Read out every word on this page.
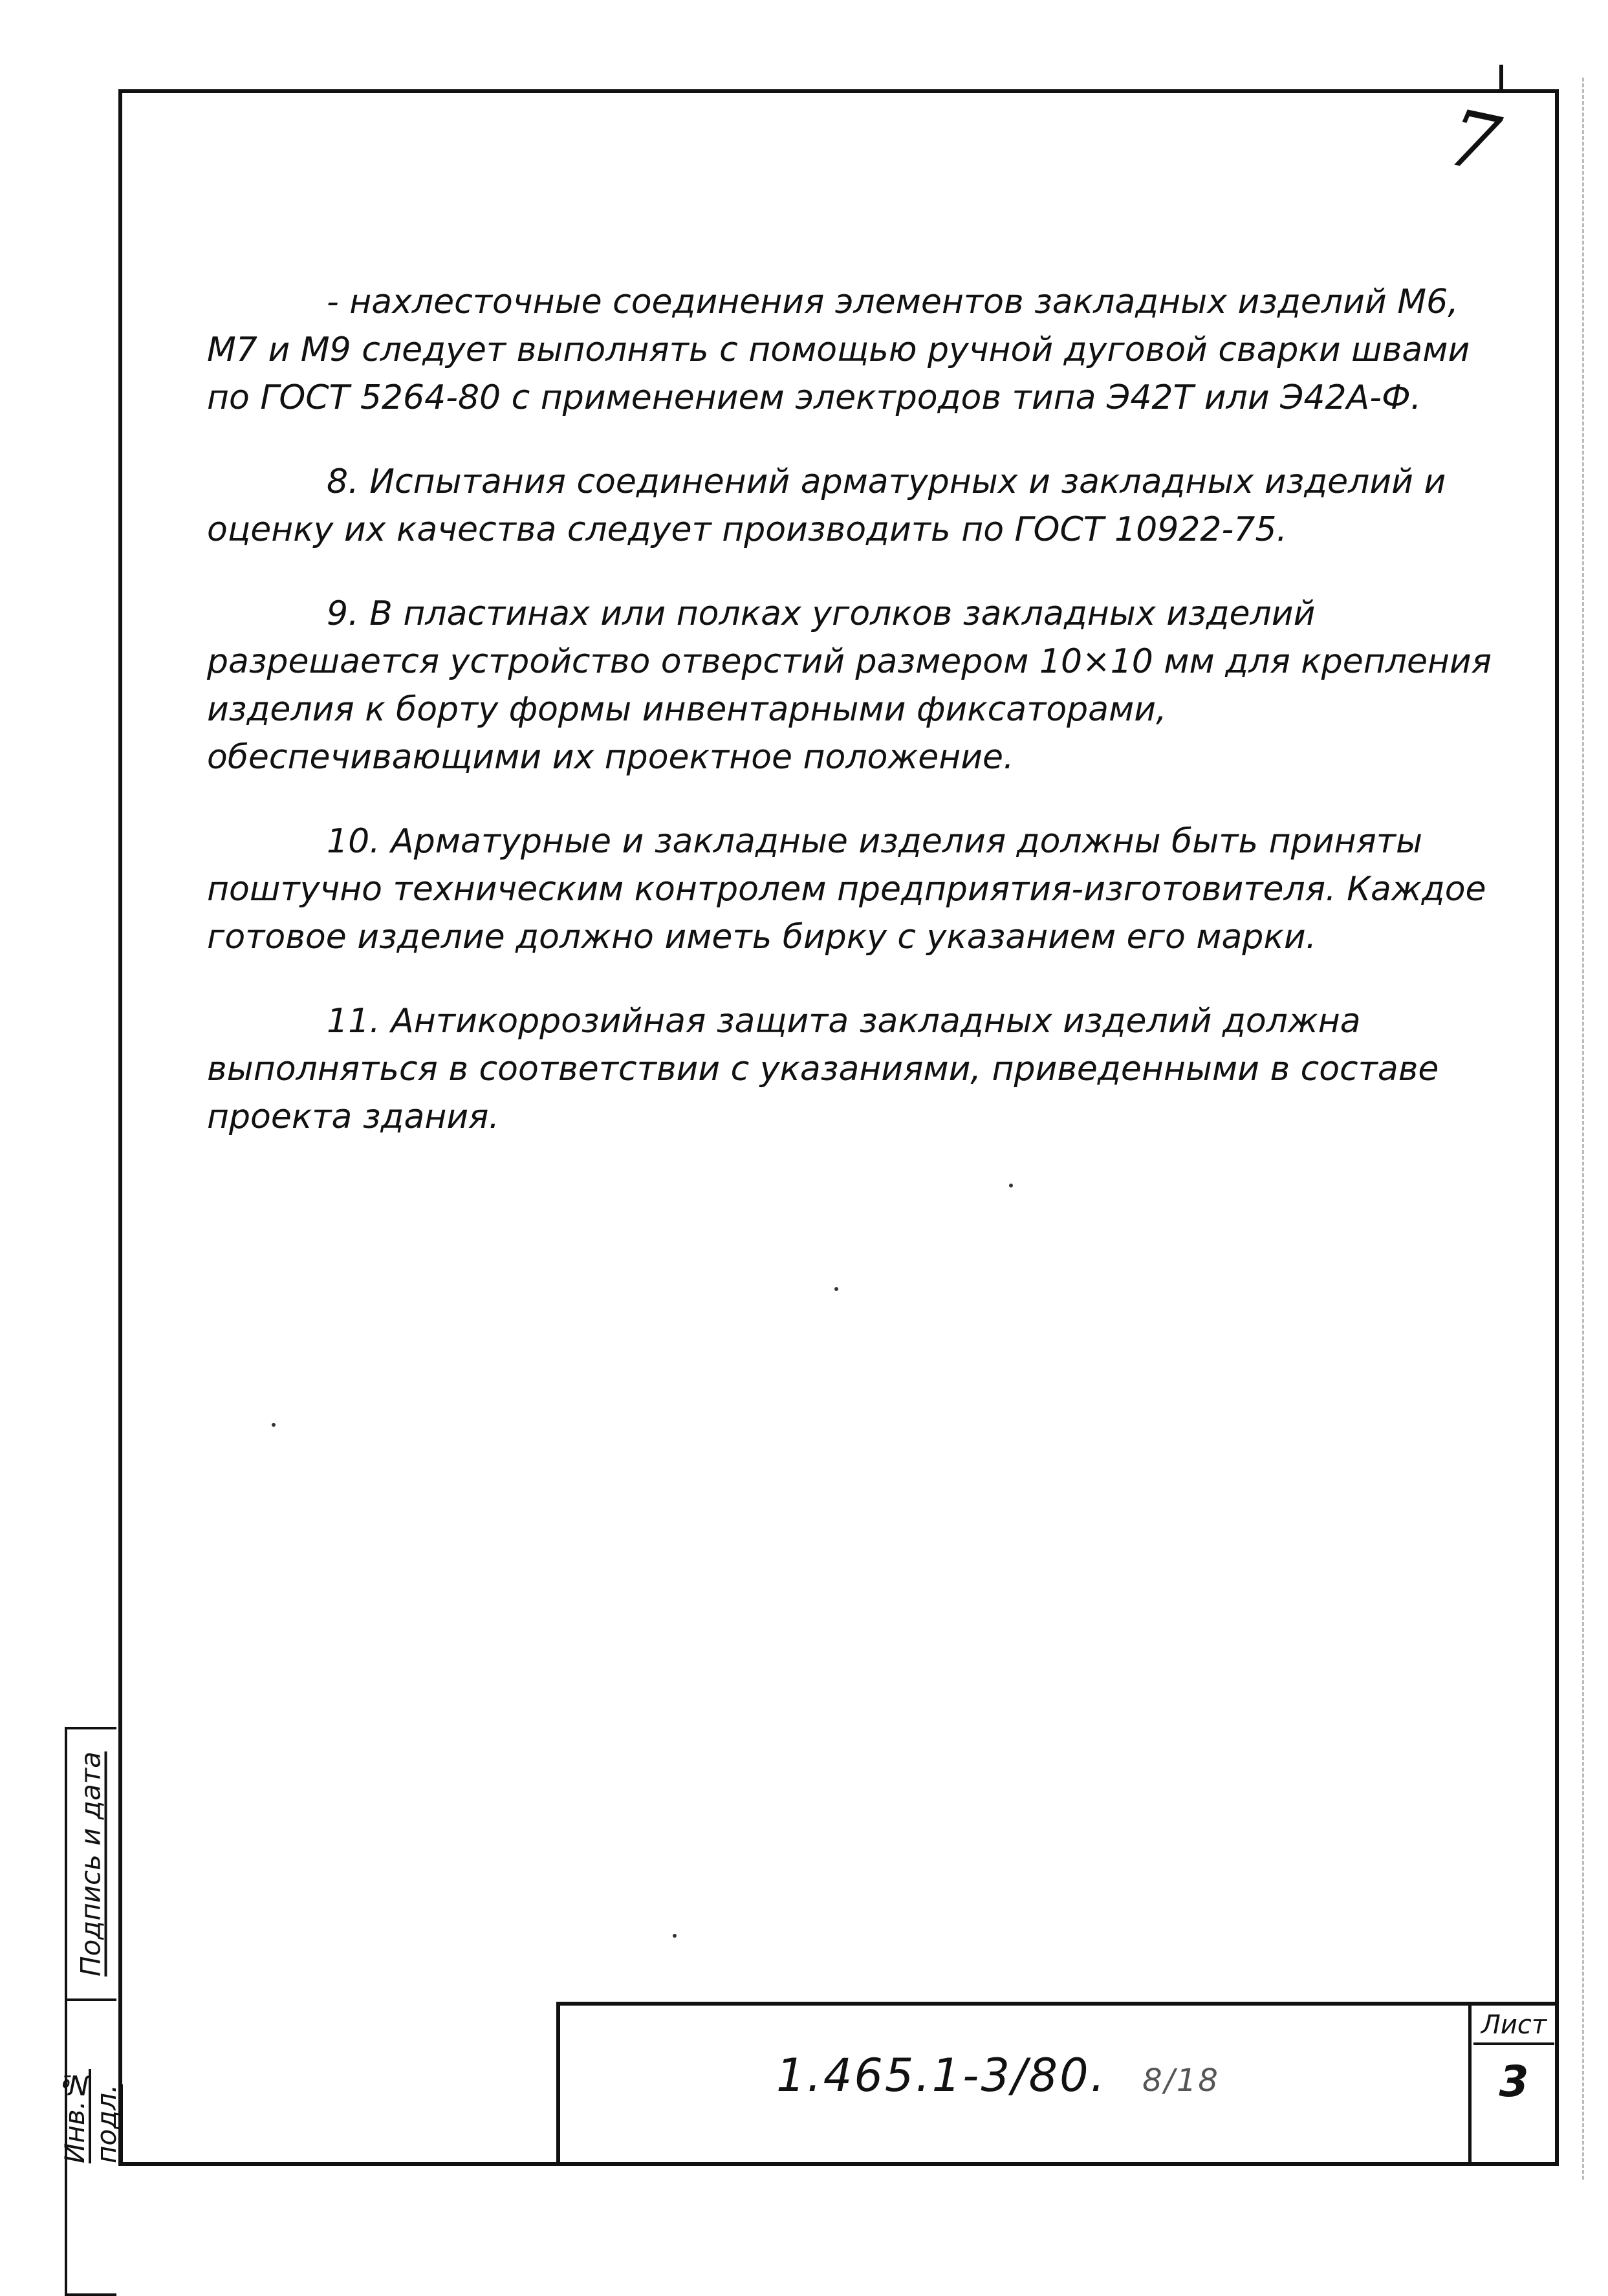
7

- нахлесточные соединения элементов закладных изделий M6, M7 и M9 следует выполнять с помощью ручной дуговой сварки швами по ГОСТ 5264-80 с применением электродов типа Э42Т или Э42А-Ф.

8. Испытания соединений арматурных и закладных изделий и оценку их качества следует производить по ГОСТ 10922-75.

9. В пластинах или полках уголков закладных изделий разрешается устройство отверстий размером 10×10 мм для крепления изделия к борту формы инвентарными фиксаторами, обеспечивающими их проектное положение.

10. Арматурные и закладные изделия должны быть приняты поштучно техническим контролем предприятия-изготовителя. Каждое готовое изделие должно иметь бирку с указанием его марки.

11. Антикоррозийная защита закладных изделий должна выполняться в соответствии с указаниями, приведенными в составе проекта здания.

Подпись и дата
Инв.№ подл.
1.465.1-3/80. 8/18
Лист
3
